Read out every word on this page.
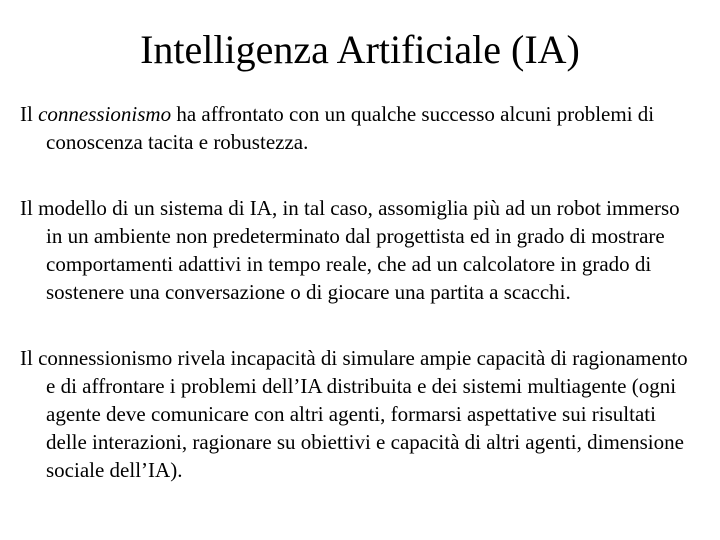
Intelligenza Artificiale (IA)

Il connessionismo ha affrontato con un qualche successo alcuni problemi di conoscenza tacita e robustezza.

Il modello di un sistema di IA, in tal caso, assomiglia più ad un robot immerso in un ambiente non predeterminato dal progettista ed in grado di mostrare comportamenti adattivi in tempo reale, che ad un calcolatore in grado di sostenere una conversazione o di giocare una partita a scacchi.

Il connessionismo rivela incapacità di simulare ampie capacità di ragionamento e di affrontare i problemi dell’IA distribuita e dei sistemi multiagente (ogni agente deve comunicare con altri agenti, formarsi aspettative sui risultati delle interazioni, ragionare su obiettivi e capacità di altri agenti, dimensione sociale dell’IA).
